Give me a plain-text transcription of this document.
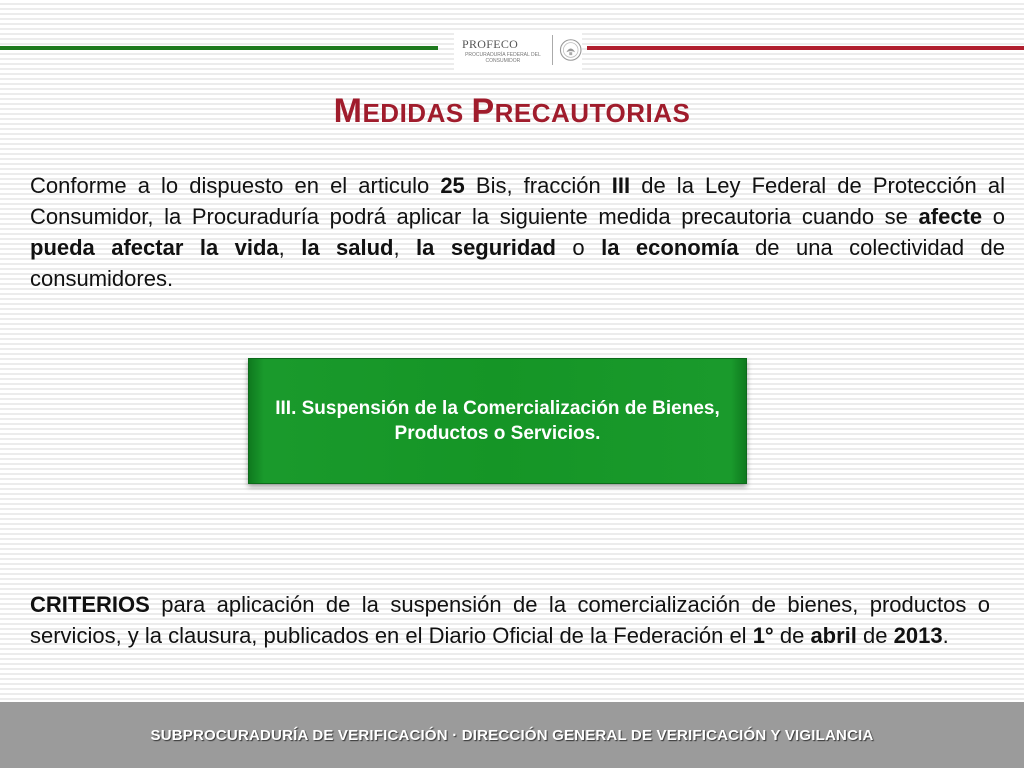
PROFECO
PROCURADURÍA FEDERAL DEL CONSUMIDOR
MEDIDAS PRECAUTORIAS

Conforme a lo dispuesto en el articulo 25 Bis, fracción III de la Ley Federal de Protección al Consumidor, la Procuraduría podrá aplicar la siguiente medida precautoria cuando se afecte o pueda afectar la vida, la salud, la seguridad o la economía de una colectividad de consumidores.

III. Suspensión de la Comercialización de Bienes, Productos o Servicios.

CRITERIOS para aplicación de la suspensión de la comercialización de bienes, productos o servicios, y la clausura, publicados en el Diario Oficial de la Federación el 1° de abril de 2013.

SUBPROCURADURÍA DE VERIFICACIÓN · DIRECCIÓN GENERAL DE VERIFICACIÓN Y VIGILANCIA
